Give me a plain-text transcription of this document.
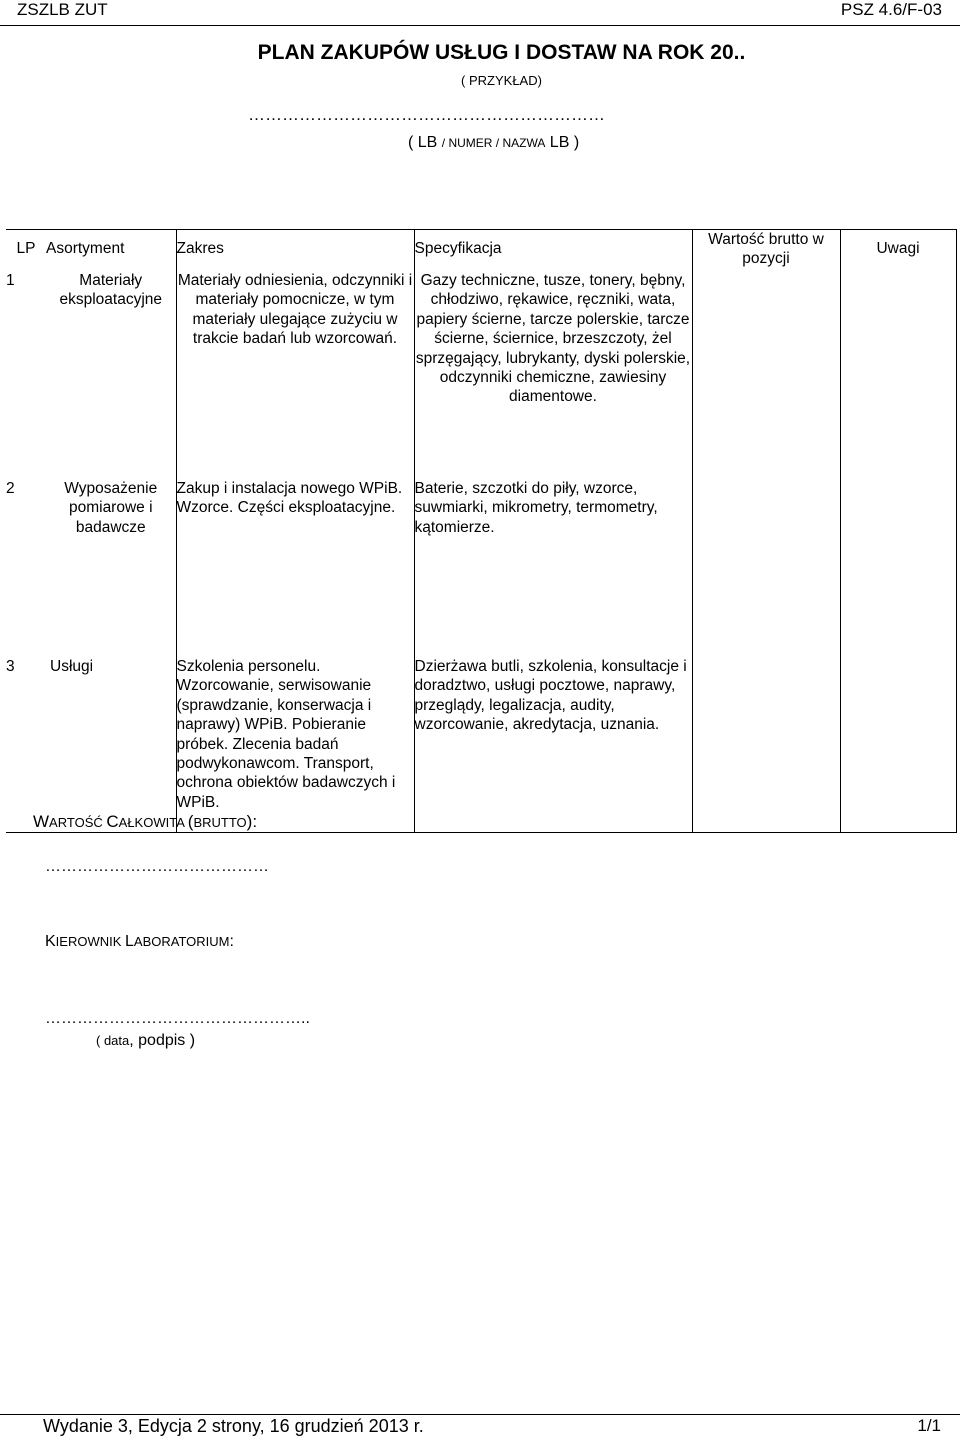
ZSZLB ZUT	PSZ 4.6/F-03
PLAN ZAKUPÓW USŁUG I DOSTAW NA ROK 20..
( PRZYKŁAD)
………………………………………………………
( LB / NUMER / NAZWA LB )
LP	Asortyment	Zakres	Specyfikacja	Wartość brutto w pozycji	Uwagi
1	Materiały eksploatacyjne	Materiały odniesienia, odczynniki i materiały pomocnicze, w tym materiały ulegające zużyciu w trakcie badań lub wzorcowań.	Gazy techniczne, tusze, tonery, bębny, chłodziwo, rękawice, ręczniki, wata, papiery ścierne, tarcze polerskie, tarcze ścierne, ściernice, brzeszczoty, żel sprzęgający, lubrykanty, dyski polerskie, odczynniki chemiczne, zawiesiny diamentowe.		
2	Wyposażenie pomiarowe i badawcze	Zakup i instalacja nowego WPiB. Wzorce. Części eksploatacyjne.	Baterie, szczotki do piły, wzorce, suwmiarki, mikrometry, termometry, kątomierze.		
3	Usługi	Szkolenia personelu. Wzorcowanie, serwisowanie (sprawdzanie, konserwacja i naprawy) WPiB. Pobieranie próbek. Zlecenia badań podwykonawcom. Transport, ochrona obiektów badawczych i WPiB.	Dzierżawa butli, szkolenia, konsultacje i doradztwo, usługi pocztowe, naprawy, przeglądy, legalizacja, audity, wzorcowanie, akredytacja, uznania.		
WARTOŚĆ CAŁKOWITA (BRUTTO):
……………………………………
KIEROWNIK LABORATORIUM:
…………………………………………..
( data, podpis )
Wydanie 3, Edycja 2 strony, 16 grudzień 2013 r.	1/1
